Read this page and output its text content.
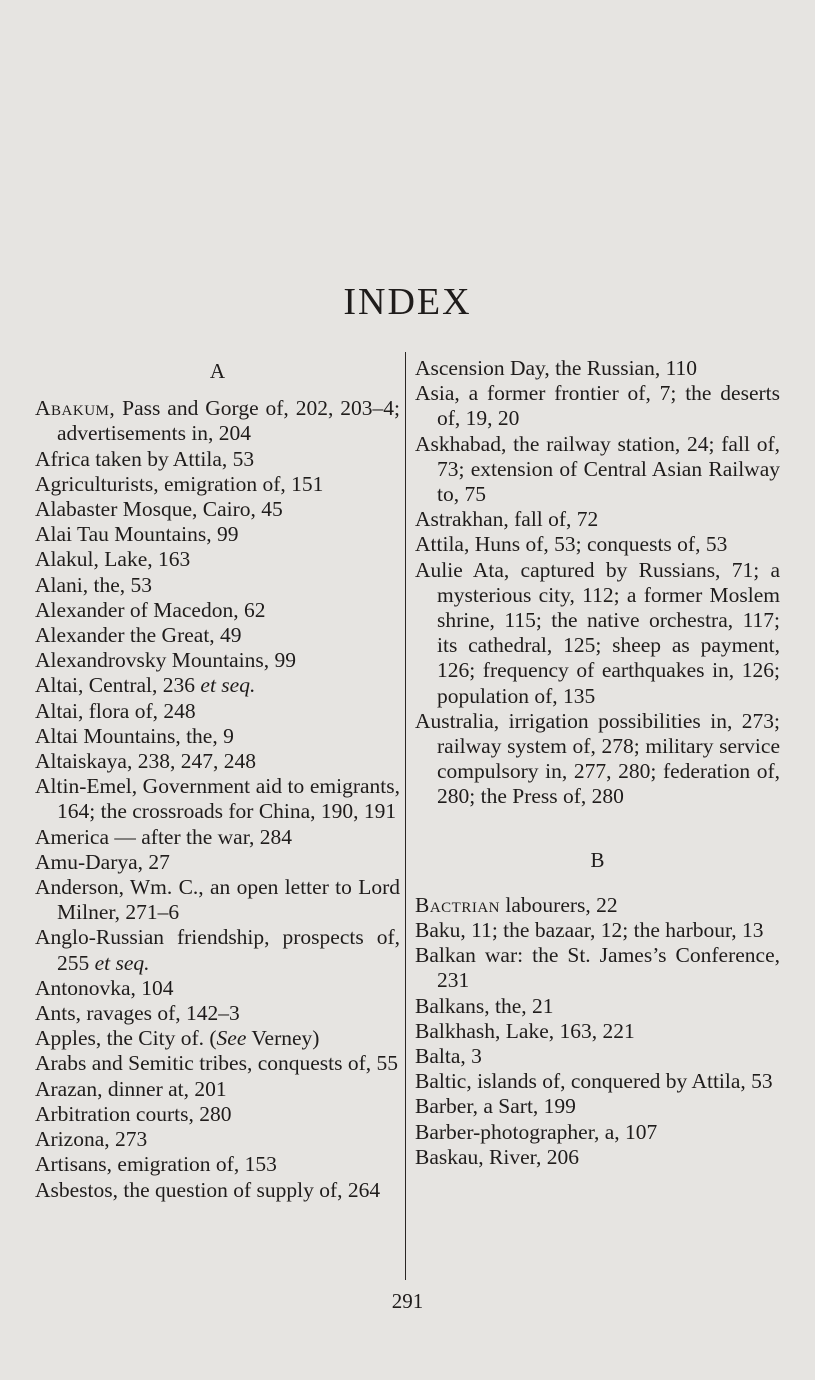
INDEX
A
Abakum, Pass and Gorge of, 202, 203–4; advertisements in, 204
Africa taken by Attila, 53
Agriculturists, emigration of, 151
Alabaster Mosque, Cairo, 45
Alai Tau Mountains, 99
Alakul, Lake, 163
Alani, the, 53
Alexander of Macedon, 62
Alexander the Great, 49
Alexandrovsky Mountains, 99
Altai, Central, 236 et seq.
Altai, flora of, 248
Altai Mountains, the, 9
Altaiskaya, 238, 247, 248
Altin-Emel, Government aid to emigrants, 164; the crossroads for China, 190, 191
America — after the war, 284
Amu-Darya, 27
Anderson, Wm. C., an open letter to Lord Milner, 271–6
Anglo-Russian friendship, prospects of, 255 et seq.
Antonovka, 104
Ants, ravages of, 142–3
Apples, the City of. (See Verney)
Arabs and Semitic tribes, conquests of, 55
Arazan, dinner at, 201
Arbitration courts, 280
Arizona, 273
Artisans, emigration of, 153
Asbestos, the question of supply of, 264
Ascension Day, the Russian, 110
Asia, a former frontier of, 7; the deserts of, 19, 20
Askhabad, the railway station, 24; fall of, 73; extension of Central Asian Railway to, 75
Astrakhan, fall of, 72
Attila, Huns of, 53; conquests of, 53
Aulie Ata, captured by Russians, 71; a mysterious city, 112; a former Moslem shrine, 115; the native orchestra, 117; its cathedral, 125; sheep as payment, 126; frequency of earthquakes in, 126; population of, 135
Australia, irrigation possibilities in, 273; railway system of, 278; military service compulsory in, 277, 280; federation of, 280; the Press of, 280
B
Bactrian labourers, 22
Baku, 11; the bazaar, 12; the harbour, 13
Balkan war: the St. James’s Conference, 231
Balkans, the, 21
Balkhash, Lake, 163, 221
Balta, 3
Baltic, islands of, conquered by Attila, 53
Barber, a Sart, 199
Barber-photographer, a, 107
Baskau, River, 206
291
